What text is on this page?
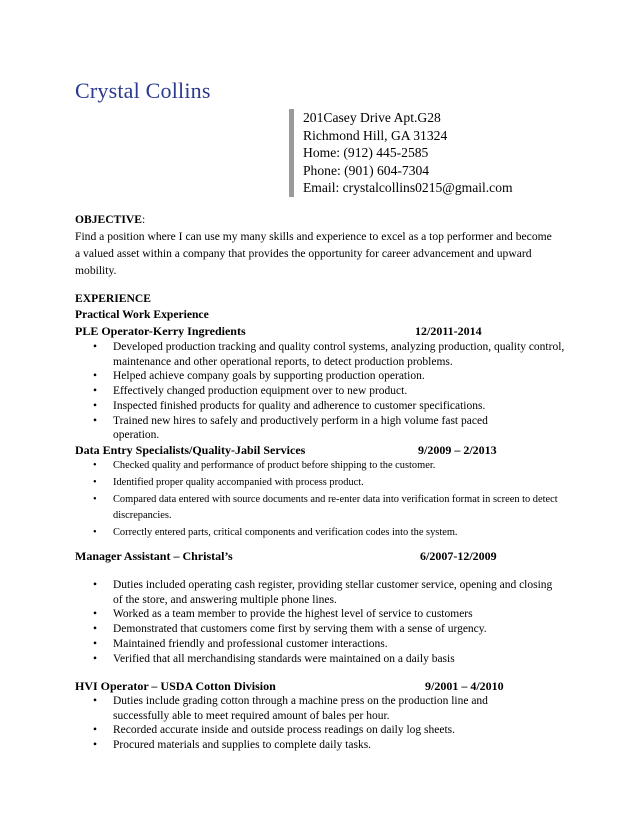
Crystal Collins
201Casey Drive Apt.G28
Richmond Hill, GA 31324
Home: (912) 445-2585
Phone: (901) 604-7304
Email: crystalcollins0215@gmail.com
OBJECTIVE:
Find a position where I can use my many skills and experience to excel as a top performer and become a valued asset within a company that provides the opportunity for career advancement and upward mobility.
EXPERIENCE
Practical Work Experience
PLE Operator-Kerry Ingredients	12/2011-2014
• Developed production tracking and quality control systems, analyzing production, quality control, maintenance and other operational reports, to detect production problems.
• Helped achieve company goals by supporting production operation.
• Effectively changed production equipment over to new product.
• Inspected finished products for quality and adherence to customer specifications.
• Trained new hires to safely and productively perform in a high volume fast paced operation.
Data Entry Specialists/Quality-Jabil Services	9/2009 – 2/2013
• Checked quality and performance of product before shipping to the customer.
• Identified proper quality accompanied with process product.
• Compared data entered with source documents and re-enter data into verification format in screen to detect discrepancies.
• Correctly entered parts, critical components and verification codes into the system.
Manager Assistant – Christal’s	6/2007-12/2009
• Duties included operating cash register, providing stellar customer service, opening and closing of the store, and answering multiple phone lines.
• Worked as a team member to provide the highest level of service to customers
• Demonstrated that customers come first by serving them with a sense of urgency.
• Maintained friendly and professional customer interactions.
• Verified that all merchandising standards were maintained on a daily basis
HVI Operator – USDA Cotton Division	9/2001 – 4/2010
• Duties include grading cotton through a machine press on the production line and successfully able to meet required amount of bales per hour.
• Recorded accurate inside and outside process readings on daily log sheets.
• Procured materials and supplies to complete daily tasks.
